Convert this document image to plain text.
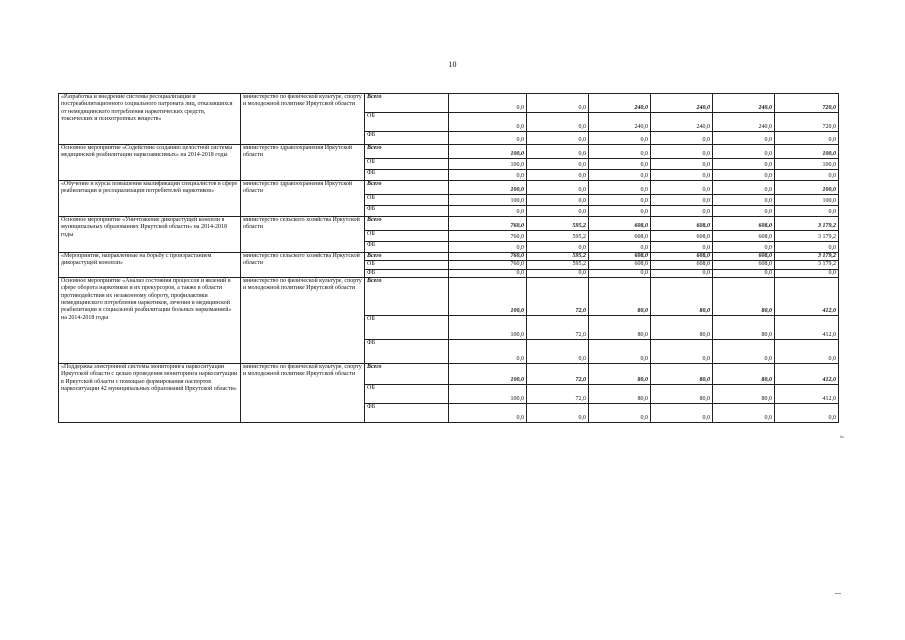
10
«Разработка и внедрение системы ресоциализации и постреабилитационного социального патроната лиц, отказавшихся от немедицинского потребления наркотических средств, токсических и психотропных веществ»	министерство по физической культуре, спорту и молодежной политике Иркутской области	Всего	0,0	0,0	240,0	240,0	240,0	720,0
		ОБ	0,0	0,0	240,0	240,0	240,0	720,0
		ФБ	0,0	0,0	0,0	0,0	0,0	0,0
Основное мероприятие «Содействие созданию целостной системы медицинской реабилитации наркозависимых» на 2014-2018 годы	министерство здравоохранения Иркутской области	Всего	100,0	0,0	0,0	0,0	0,0	100,0
		ОБ	100,0	0,0	0,0	0,0	0,0	100,0
		ФБ	0,0	0,0	0,0	0,0	0,0	0,0
«Обучение и курсы повышения квалификации специалистов в сфере реабилитации и ресоциализации потребителей наркотиков»	министерство здравоохранения Иркутской области	Всего	100,0	0,0	0,0	0,0	0,0	100,0
		ОБ	100,0	0,0	0,0	0,0	0,0	100,0
		ФБ	0,0	0,0	0,0	0,0	0,0	0,0
Основное мероприятие «Уничтожение дикорастущей конопли в муниципальных образованиях Иркутской области» на 2014-2018 годы	министерство сельского хозяйства Иркутской области	Всего	760,0	595,2	608,0	608,0	608,0	3 179,2
		ОБ	760,0	595,2	608,0	608,0	608,0	3 179,2
		ФБ	0,0	0,0	0,0	0,0	0,0	0,0
«Мероприятия, направленные на борьбу с произрастанием дикорастущей конопли»	министерство сельского хозяйства Иркутской области	Всего	760,0	595,2	608,0	608,0	608,0	3 179,2
		ОБ	760,0	595,2	608,0	608,0	608,0	3 179,2
		ФБ	0,0	0,0	0,0	0,0	0,0	0,0
Основное мероприятие «Анализ состояния процессов и явлений в сфере оборота наркотиков и их прекурсоров, а также в области противодействия их незаконному обороту, профилактики немедицинского потребления наркотиков, лечения и медицинской реабилитации и социальной реабилитации больных наркоманией» на 2014-2018 годы	министерство по физической культуре, спорту и молодежной политике Иркутской области	Всего	100,0	72,0	80,0	80,0	80,0	412,0
		ОБ	100,0	72,0	80,0	80,0	80,0	412,0
		ФБ	0,0	0,0	0,0	0,0	0,0	0,0
«Поддержка электронной системы мониторинга наркоситуации Иркутской области с целью проведения мониторинга наркоситуации в Иркутской области с помощью формирования паспортов наркоситуации 42 муниципальных образований Иркутской области»	министерство по физической культуре, спорту и молодежной политике Иркутской области	Всего	100,0	72,0	80,0	80,0	80,0	412,0
		ОБ	100,0	72,0	80,0	80,0	80,0	412,0
		ФБ	0,0	0,0	0,0	0,0	0,0	0,0
».
